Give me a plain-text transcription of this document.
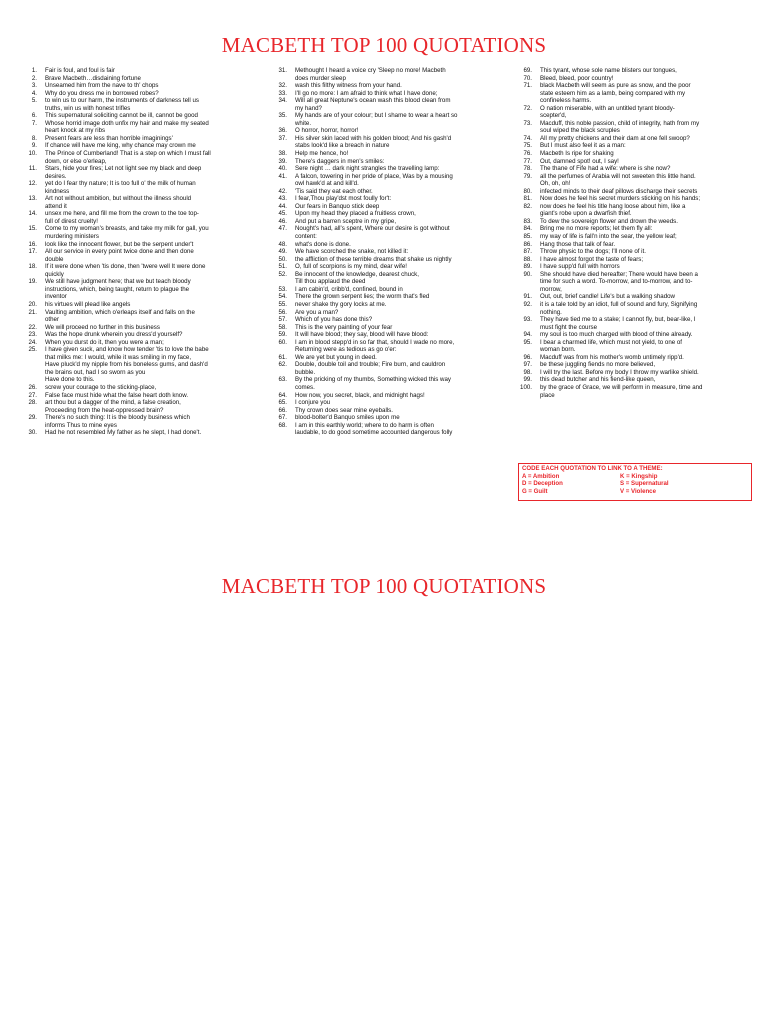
MACBETH TOP 100 QUOTATIONS
1.	Fair is foul, and foul is fair
2.	Brave Macbeth…disdaining fortune
3.	Unseamed him from the nave to th' chops
4.	Why do you dress me in borrowed robes?
5.	to win us to our harm, the instruments of darkness tell us
truths, win us with honest trifles
6.	This supernatural soliciting cannot be ill, cannot be good
7.	Whose horrid image doth unfix my hair and make my seated
heart knock at my ribs
8.	Present fears are less than horrible imaginings'
9.	If chance will have me king, why chance may crown me
10.	The Prince of Cumberland! That is a step on which I must fall
down, or else o'erleap,
11.	Stars, hide your fires; Let not light see my black and deep
desires.
12.	yet do I fear thy nature; It is too full o' the milk of human
kindness
13.	Art not without ambition, but without the illness should
attend it
14.	unsex me here, and fill me from the crown to the toe top-
full of direst cruelty!
15.	Come to my woman's breasts, and take my milk for gall, you
murdering ministers
16.	look like the innocent flower, but be the serpent under't
17.	All our service in every point twice done and then done
double
18.	If it were done when 'tis done, then 'twere well It were done
quickly
19.	We still have judgment here; that we but teach bloody
instructions, which, being taught, return to plague the
inventor
20.	his virtues will plead like angels
21.	Vaulting ambition, which o'erleaps itself and falls on the
other
22.	We will proceed no further in this business
23.	Was the hope drunk wherein you dress'd yourself?
24.	When you durst do it, then you were a man;
25.	I have given suck, and know how tender 'tis to love the babe
that milks me: I would, while it was smiling in my face,
Have pluck'd my nipple from his boneless gums, and dash'd
the brains out, had I so sworn as you
Have done to this.
26.	screw your courage to the sticking-place,
27.	False face must hide what the false heart doth know.
28.	art thou but a dagger of the mind, a false creation,
Proceeding from the heat-oppressed brain?
29.	There's no such thing: It is the bloody business which
informs Thus to mine eyes
30.	Had he not resembled My father as he slept, I had done't.
31.	Methought I heard a voice cry 'Sleep no more! Macbeth
does murder sleep
32.	wash this filthy witness from your hand.
33.	I'll go no more: I am afraid to think what I have done;
34.	Will all great Neptune's ocean wash this blood clean from
my hand?
35.	My hands are of your colour; but I shame to wear a heart so
white.
36.	O horror, horror, horror!
37.	His silver skin laced with his golden blood; And his gash'd
stabs look'd like a breach in nature
38.	Help me hence, ho!
39.	There's daggers in men's smiles:
40.	Sere night … dark night strangles the travelling lamp:
41.	A falcon, towering in her pride of place, Was by a mousing
owl hawk'd at and kill'd.
42.	'Tis said they eat each other.
43.	I fear,Thou play'dst most foully for't:
44.	Our fears in Banquo stick deep
45.	Upon my head they placed a fruitless crown,
46.	And put a barren sceptre in my gripe,
47.	Nought's had, all's spent, Where our desire is got without
content:
48.	what's done is done.
49.	We have scorched the snake, not killed it:
50.	the affliction of these terrible dreams that shake us nightly
51.	O, full of scorpions is my mind, dear wife!
52.	Be innocent of the knowledge, dearest chuck,
Till thou applaud the deed
53.	I am cabin'd, cribb'd, confined, bound in
54.	There the grown serpent lies; the worm that's fled
55.	never shake thy gory locks at me.
56.	Are you a man?
57.	Which of you has done this?
58.	This is the very painting of your fear
59.	It will have blood; they say, blood will have blood:
60.	I am in blood stepp'd in so far that, should I wade no more,
Returning were as tedious as go o'er:
61.	We are yet but young in deed.
62.	Double, double toil and trouble; Fire burn, and cauldron
bubble.
63.	By the pricking of my thumbs, Something wicked this way
comes.
64.	How now, you secret, black, and midnight hags!
65.	I conjure you
66.	Thy crown does sear mine eyeballs.
67.	blood-bolter'd Banquo smiles upon me
68.	I am in this earthly world; where to do harm is often
laudable, to do good sometime accounted dangerous folly
69.	This tyrant, whose sole name blisters our tongues,
70.	Bleed, bleed, poor country!
71.	black Macbeth will seem as pure as snow, and the poor
state esteem him as a lamb, being compared with my
confineless harms.
72.	O nation miserable, with an untitled tyrant bloody-
scepter'd,
73.	Macduff, this noble passion, child of integrity, hath from my
soul wiped the black scruples
74.	All my pretty chickens and their dam at one fell swoop?
75.	But I must also feel it as a man:
76.	Macbeth Is ripe for shaking
77.	Out, damned spot! out, I say!
78.	The thane of Fife had a wife: where is she now?
79.	all the perfumes of Arabia will not sweeten this little hand.
Oh, oh, oh!
80.	infected minds to their deaf pillows discharge their secrets
81.	Now does he feel his secret murders sticking on his hands;
82.	now does he feel his title hang loose about him, like a
giant's robe upon a dwarfish thief.
83.	To dew the sovereign flower and drown the weeds.
84.	Bring me no more reports; let them fly all:
85.	my way of life is fall'n into the sear, the yellow leaf;
86.	Hang those that talk of fear.
87.	Throw physic to the dogs; I'll none of it.
88.	I have almost forgot the taste of fears;
89.	I have supp'd full with horrors
90.	She should have died hereafter; There would have been a
time for such a word. To-morrow, and to-morrow, and to-
morrow,
91.	Out, out, brief candle! Life's but a walking shadow
92.	it is a tale told by an idiot, full of sound and fury, Signifying
nothing.
93.	They have tied me to a stake; I cannot fly, but, bear-like, I
must fight the course
94.	my soul is too much charged with blood of thine already.
95.	I bear a charmed life, which must not yield, to one of
woman born.
96.	Macduff was from his mother's womb untimely ripp'd.
97.	be these juggling fiends no more believed,
98.	I will try the last. Before my body I throw my warlike shield.
99.	this dead butcher and his fiend-like queen,
100.	by the grace of Grace, we will perform in measure, time and
place
CODE EACH QUOTATION TO LINK TO A THEME:
A = Ambition	K = Kingship
D = Deception	S = Supernatural
G = Guilt	V = Violence
MACBETH TOP 100 QUOTATIONS
